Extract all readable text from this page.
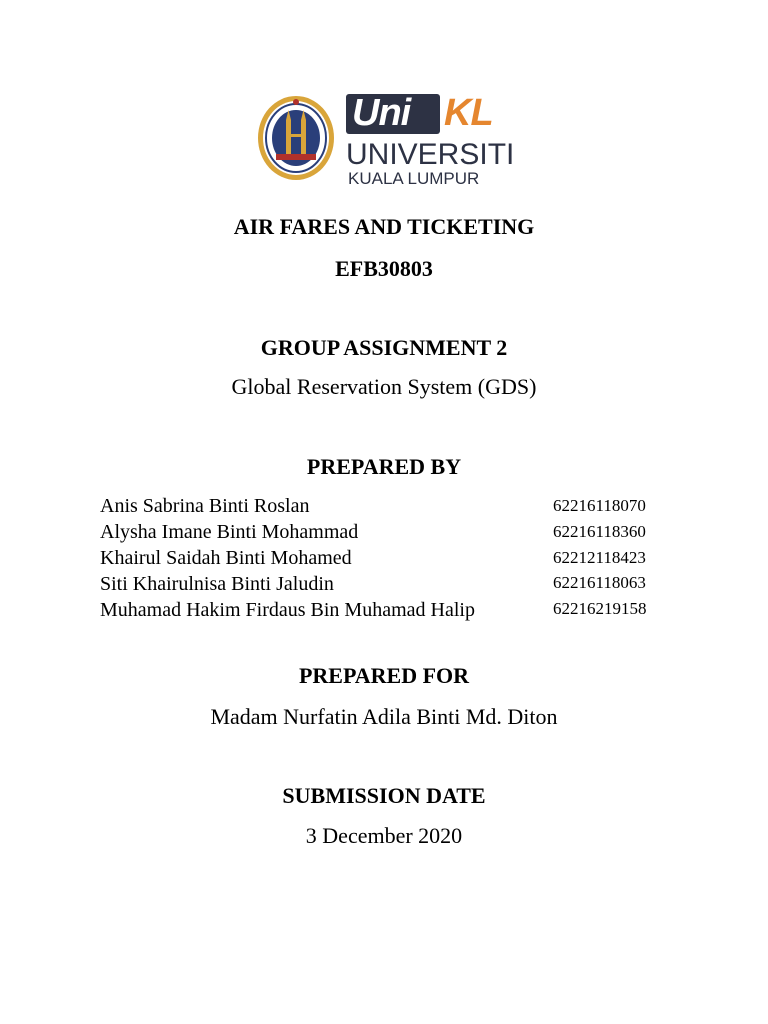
Uni KL
UNIVERSITI
KUALA LUMPUR
AIR FARES AND TICKETING
EFB30803
GROUP ASSIGNMENT 2
Global Reservation System (GDS)
PREPARED BY
Anis Sabrina Binti Roslan	62216118070
Alysha Imane Binti Mohammad	62216118360
Khairul Saidah Binti Mohamed	62212118423
Siti Khairulnisa Binti Jaludin	62216118063
Muhamad Hakim Firdaus Bin Muhamad Halip	62216219158
PREPARED FOR
Madam Nurfatin Adila Binti Md. Diton
SUBMISSION DATE
3 December 2020
